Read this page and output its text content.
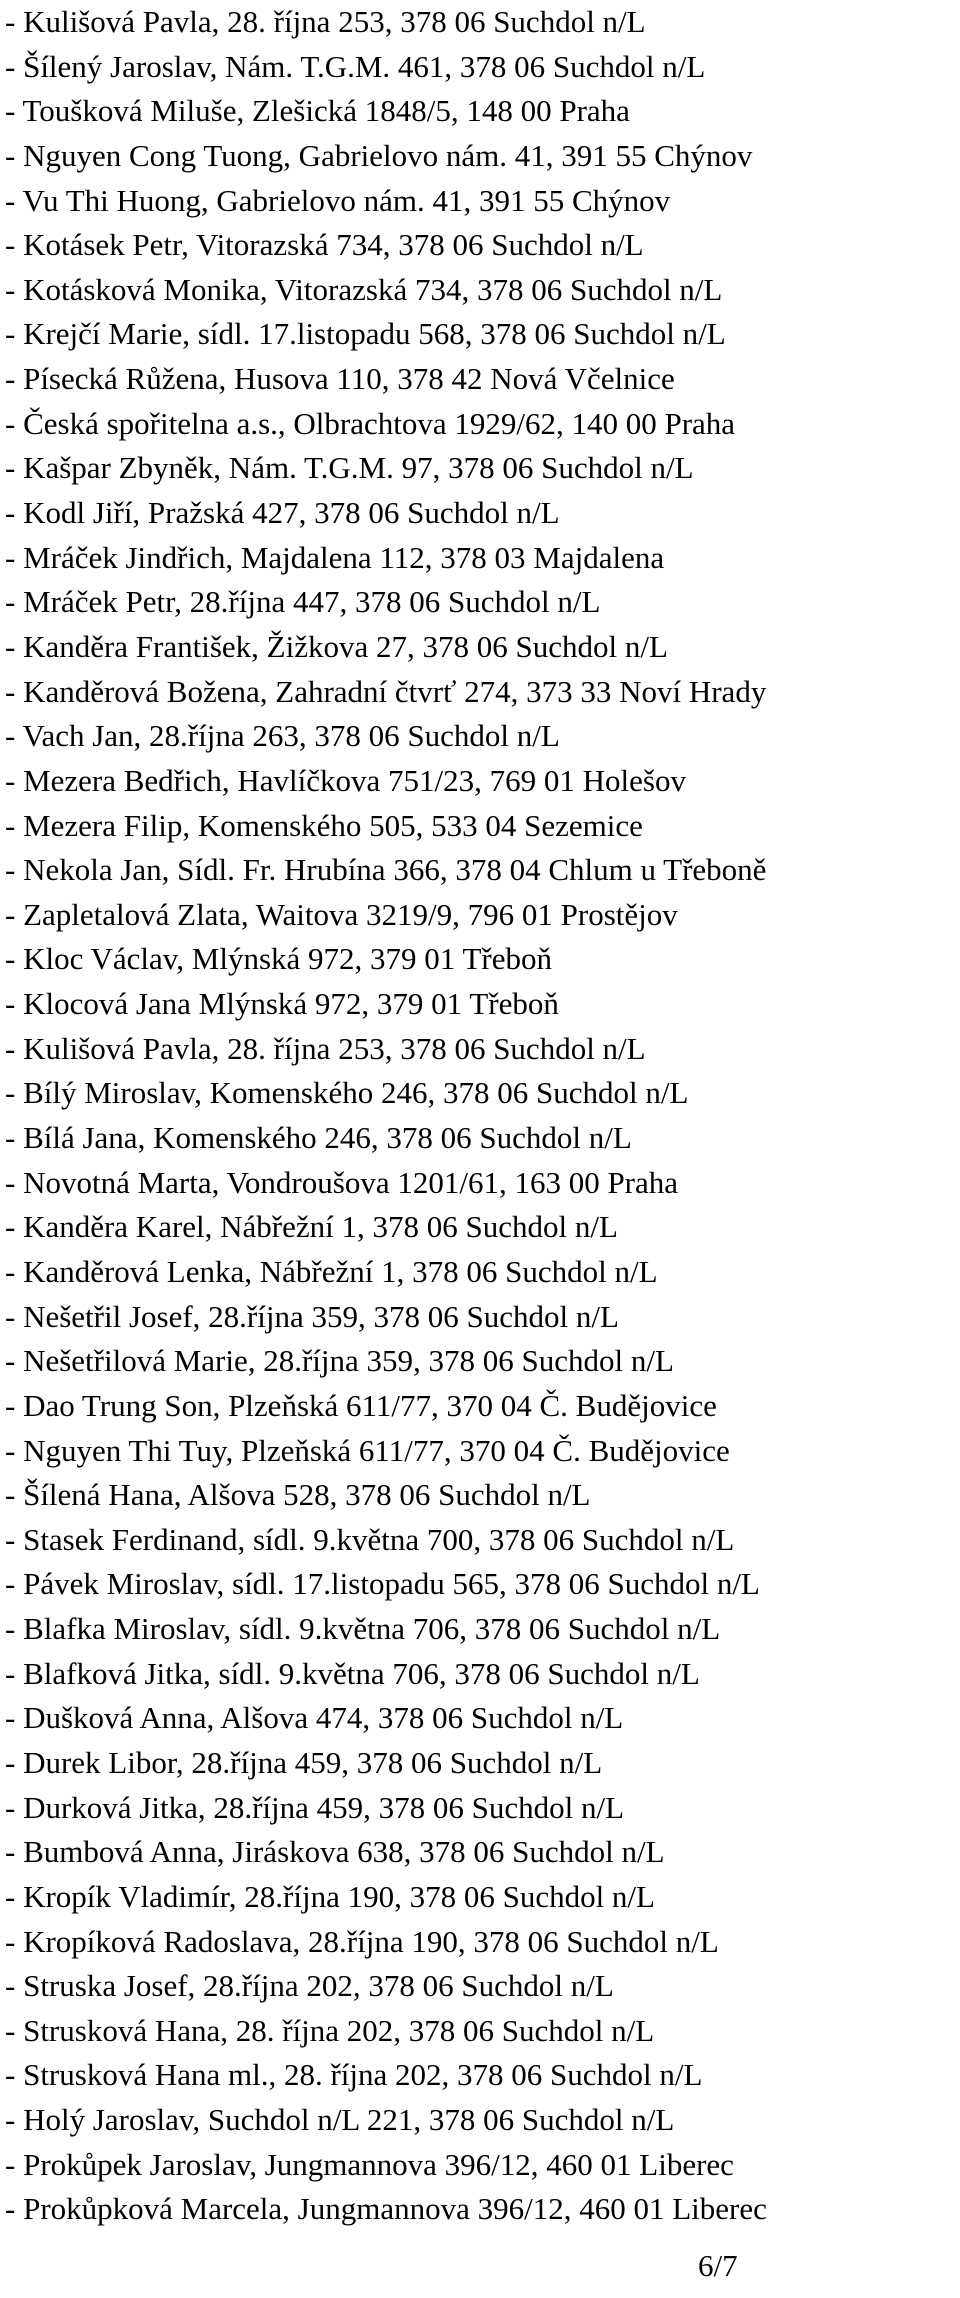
- Kulišová Pavla, 28. října 253, 378 06 Suchdol n/L
- Šílený Jaroslav, Nám. T.G.M. 461, 378 06 Suchdol n/L
- Toušková Miluše, Zlešická 1848/5, 148 00 Praha
- Nguyen Cong Tuong, Gabrielovo nám. 41, 391 55 Chýnov
- Vu Thi Huong, Gabrielovo nám. 41, 391 55 Chýnov
- Kotásek Petr, Vitorazská 734, 378 06 Suchdol n/L
- Kotásková Monika, Vitorazská 734, 378 06 Suchdol n/L
- Krejčí Marie, sídl. 17.listopadu 568, 378 06 Suchdol n/L
- Písecká Růžena, Husova 110, 378 42 Nová Včelnice
- Česká spořitelna a.s., Olbrachtova 1929/62, 140 00 Praha
- Kašpar Zbyněk, Nám. T.G.M. 97, 378 06 Suchdol n/L
- Kodl Jiří, Pražská 427, 378 06 Suchdol n/L
- Mráček Jindřich, Majdalena 112, 378 03 Majdalena
- Mráček Petr, 28.října 447, 378 06 Suchdol n/L
- Kanděra František, Žižkova 27, 378 06 Suchdol n/L
- Kanděrová Božena, Zahradní čtvrť 274, 373 33 Noví Hrady
- Vach Jan, 28.října 263, 378 06 Suchdol n/L
- Mezera Bedřich, Havlíčkova 751/23, 769 01 Holešov
- Mezera Filip, Komenského 505, 533 04 Sezemice
- Nekola Jan, Sídl. Fr. Hrubína 366, 378 04 Chlum u Třeboně
- Zapletalová Zlata, Waitova 3219/9, 796 01 Prostějov
- Kloc Václav, Mlýnská 972, 379 01 Třeboň
- Klocová Jana Mlýnská 972, 379 01 Třeboň
- Kulišová Pavla, 28. října 253, 378 06 Suchdol n/L
- Bílý Miroslav, Komenského 246, 378 06 Suchdol n/L
- Bílá Jana, Komenského 246, 378 06 Suchdol n/L
- Novotná Marta, Vondroušova 1201/61, 163 00 Praha
- Kanděra Karel, Nábřežní 1, 378 06 Suchdol n/L
- Kanděrová Lenka, Nábřežní 1, 378 06 Suchdol n/L
- Nešetřil Josef, 28.října 359, 378 06 Suchdol n/L
- Nešetřilová Marie, 28.října 359, 378 06 Suchdol n/L
- Dao Trung Son, Plzeňská 611/77, 370 04 Č. Budějovice
- Nguyen Thi Tuy, Plzeňská 611/77, 370 04 Č. Budějovice
- Šílená Hana, Alšova 528, 378 06 Suchdol n/L
- Stasek Ferdinand, sídl. 9.května 700, 378 06 Suchdol n/L
- Pávek Miroslav, sídl. 17.listopadu 565, 378 06 Suchdol n/L
- Blafka Miroslav, sídl. 9.května 706, 378 06 Suchdol n/L
- Blafková Jitka, sídl. 9.května 706, 378 06 Suchdol n/L
- Dušková Anna, Alšova 474, 378 06 Suchdol n/L
- Durek Libor, 28.října 459, 378 06 Suchdol n/L
- Durková Jitka, 28.října 459, 378 06 Suchdol n/L
- Bumbová Anna, Jiráskova 638, 378 06 Suchdol n/L
- Kropík Vladimír, 28.října 190, 378 06 Suchdol n/L
- Kropíková Radoslava, 28.října 190, 378 06 Suchdol n/L
- Struska Josef, 28.října 202, 378 06 Suchdol n/L
- Strusková Hana, 28. října 202, 378 06 Suchdol n/L
- Strusková Hana ml., 28. října 202, 378 06 Suchdol n/L
- Holý Jaroslav, Suchdol n/L 221, 378 06 Suchdol n/L
- Prokůpek Jaroslav, Jungmannova 396/12, 460 01 Liberec
- Prokůpková Marcela, Jungmannova 396/12, 460 01 Liberec
6/7
